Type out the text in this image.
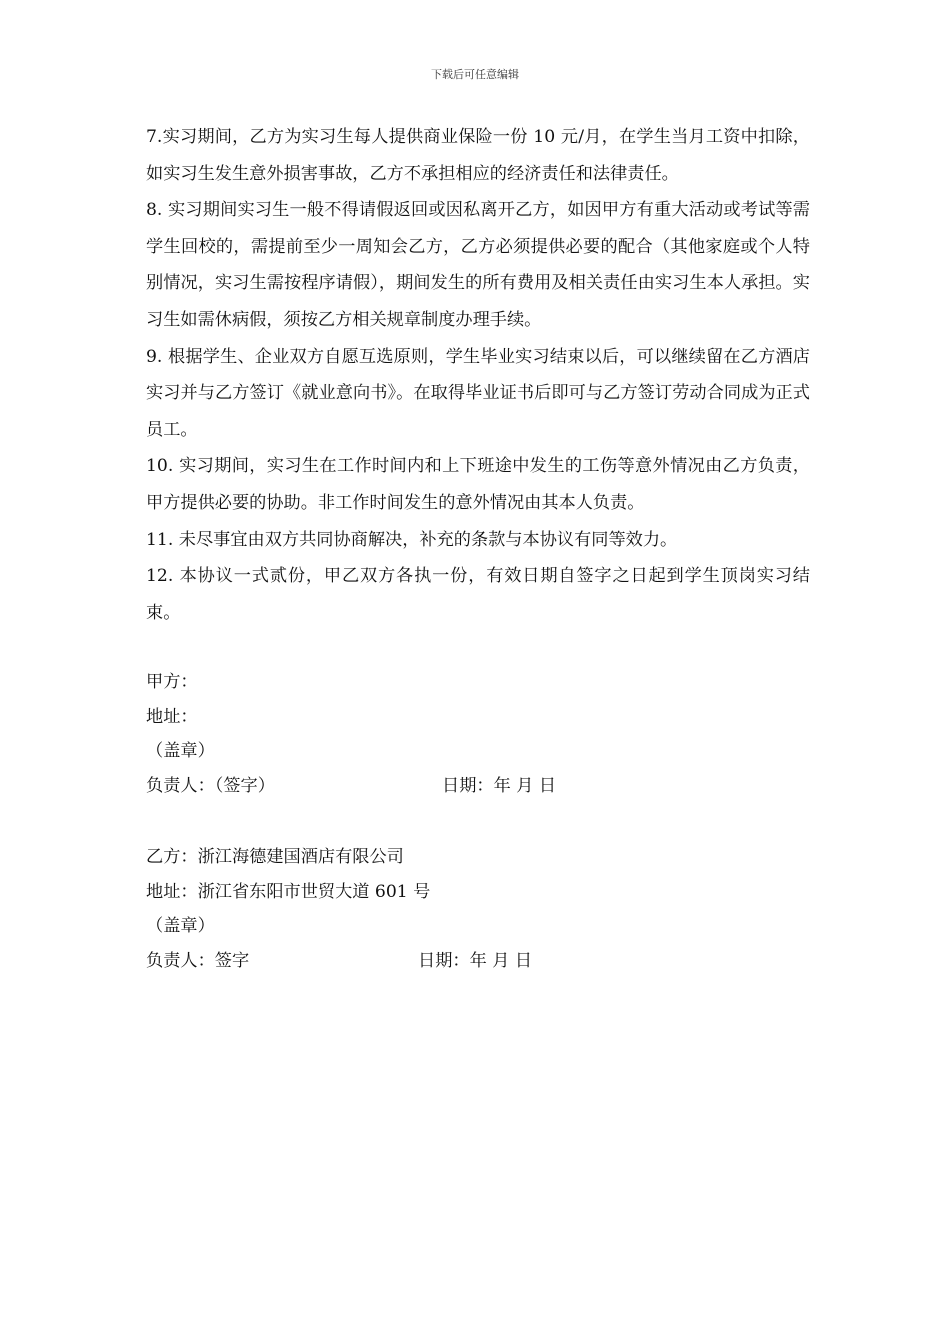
下载后可任意编辑

7.实习期间，乙方为实习生每人提供商业保险一份 10 元/月，在学生当月工资中扣除，如实习生发生意外损害事故，乙方不承担相应的经济责任和法律责任。

8. 实习期间实习生一般不得请假返回或因私离开乙方，如因甲方有重大活动或考试等需学生回校的，需提前至少一周知会乙方，乙方必须提供必要的配合（其他家庭或个人特别情况，实习生需按程序请假），期间发生的所有费用及相关责任由实习生本人承担。实习生如需休病假，须按乙方相关规章制度办理手续。

9. 根据学生、企业双方自愿互选原则，学生毕业实习结束以后，可以继续留在乙方酒店实习并与乙方签订《就业意向书》。在取得毕业证书后即可与乙方签订劳动合同成为正式员工。

10. 实习期间，实习生在工作时间内和上下班途中发生的工伤等意外情况由乙方负责，甲方提供必要的协助。非工作时间发生的意外情况由其本人负责。

11. 未尽事宜由双方共同协商解决，补充的条款与本协议有同等效力。

12. 本协议一式贰份，甲乙双方各执一份，有效日期自签字之日起到学生顶岗实习结束。

甲方：

地址：

（盖章）

负责人：（签字）	日期：年 月 日

乙方：浙江海德建国酒店有限公司

地址：浙江省东阳市世贸大道 601 号

（盖章）

负责人：签字	日期：年 月 日
